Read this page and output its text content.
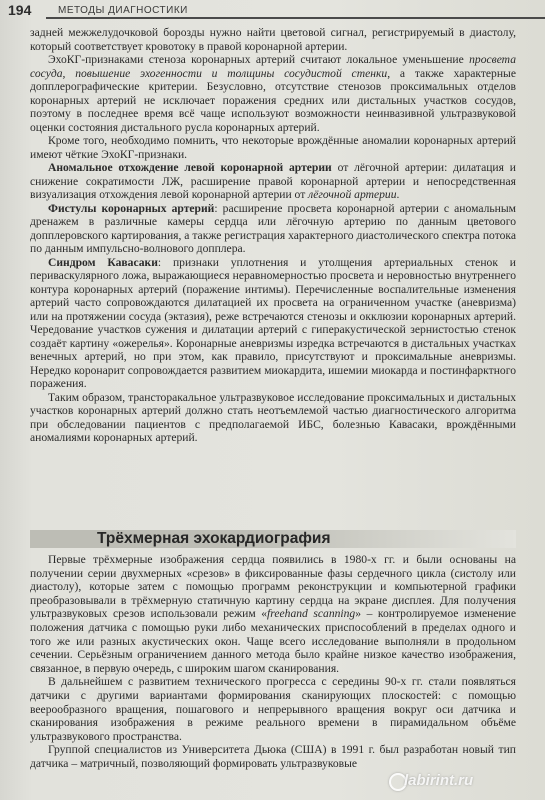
194	МЕТОДЫ ДИАГНОСТИКИ

задней межжелудочковой борозды нужно найти цветовой сигнал, регистрируемый в диастолу, который соответствует кровотоку в правой коронарной артерии.

ЭхоКГ-признаками стеноза коронарных артерий считают локальное уменьшение просвета сосуда, повышение эхогенности и толщины сосудистой стенки, а также характерные допплерографические критерии. Безусловно, отсутствие стенозов проксимальных отделов коронарных артерий не исключает поражения средних или дистальных участков сосудов, поэтому в последнее время всё чаще используют возможности неинвазивной ультразвуковой оценки состояния дистального русла коронарных артерий.

Кроме того, необходимо помнить, что некоторые врождённые аномалии коронарных артерий имеют чёткие ЭхоКГ-признаки.

Аномальное отхождение левой коронарной артерии от лёгочной артерии: дилатация и снижение сократимости ЛЖ, расширение правой коронарной артерии и непосредственная визуализация отхождения левой коронарной артерии от лёгочной артерии.

Фистулы коронарных артерий: расширение просвета коронарной артерии с аномальным дренажем в различные камеры сердца или лёгочную артерию по данным цветового допплеровского картирования, а также регистрация характерного диастолического спектра потока по данным импульсно-волнового допплера.

Синдром Кавасаки: признаки уплотнения и утолщения артериальных стенок и периваскулярного ложа, выражающиеся неравномерностью просвета и неровностью внутреннего контура коронарных артерий (поражение интимы). Перечисленные воспалительные изменения артерий часто сопровождаются дилатацией их просвета на ограниченном участке (аневризма) или на протяжении сосуда (эктазия), реже встречаются стенозы и окклюзии коронарных артерий. Чередование участков сужения и дилатации артерий с гиперакустической зернистостью стенок создаёт картину «ожерелья». Коронарные аневризмы изредка встречаются в дистальных участках венечных артерий, но при этом, как правило, присутствуют и проксимальные аневризмы. Нередко коронарит сопровождается развитием миокардита, ишемии миокарда и постинфарктного поражения.

Таким образом, трансторакальное ультразвуковое исследование проксимальных и дистальных участков коронарных артерий должно стать неотъемлемой частью диагностического алгоритма при обследовании пациентов с предполагаемой ИБС, болезнью Кавасаки, врождёнными аномалиями коронарных артерий.

Трёхмерная эхокардиография

Первые трёхмерные изображения сердца появились в 1980-х гг. и были основаны на получении серии двухмерных «срезов» в фиксированные фазы сердечного цикла (систолу или диастолу), которые затем с помощью программ реконструкции и компьютерной графики преобразовывали в трёхмерную статичную картину сердца на экране дисплея. Для получения ультразвуковых срезов использовали режим «freehand scanning» – контролируемое изменение положения датчика с помощью руки либо механических приспособлений в пределах одного и того же или разных акустических окон. Чаще всего исследование выполняли в продольном сечении. Серьёзным ограничением данного метода было крайне низкое качество изображения, связанное, в первую очередь, с широким шагом сканирования.

В дальнейшем с развитием технического прогресса с середины 90-х гг. стали появляться датчики с другими вариантами формирования сканирующих плоскостей: с помощью веерообразного вращения, пошагового и непрерывного вращения вокруг оси датчика и сканирования изображения в режиме реального времени в пирамидальном объёме ультразвукового пространства.

Группой специалистов из Университета Дьюка (США) в 1991 г. был разработан новый тип датчика – матричный, позволяющий формировать ультразвуковые

labirint.ru
